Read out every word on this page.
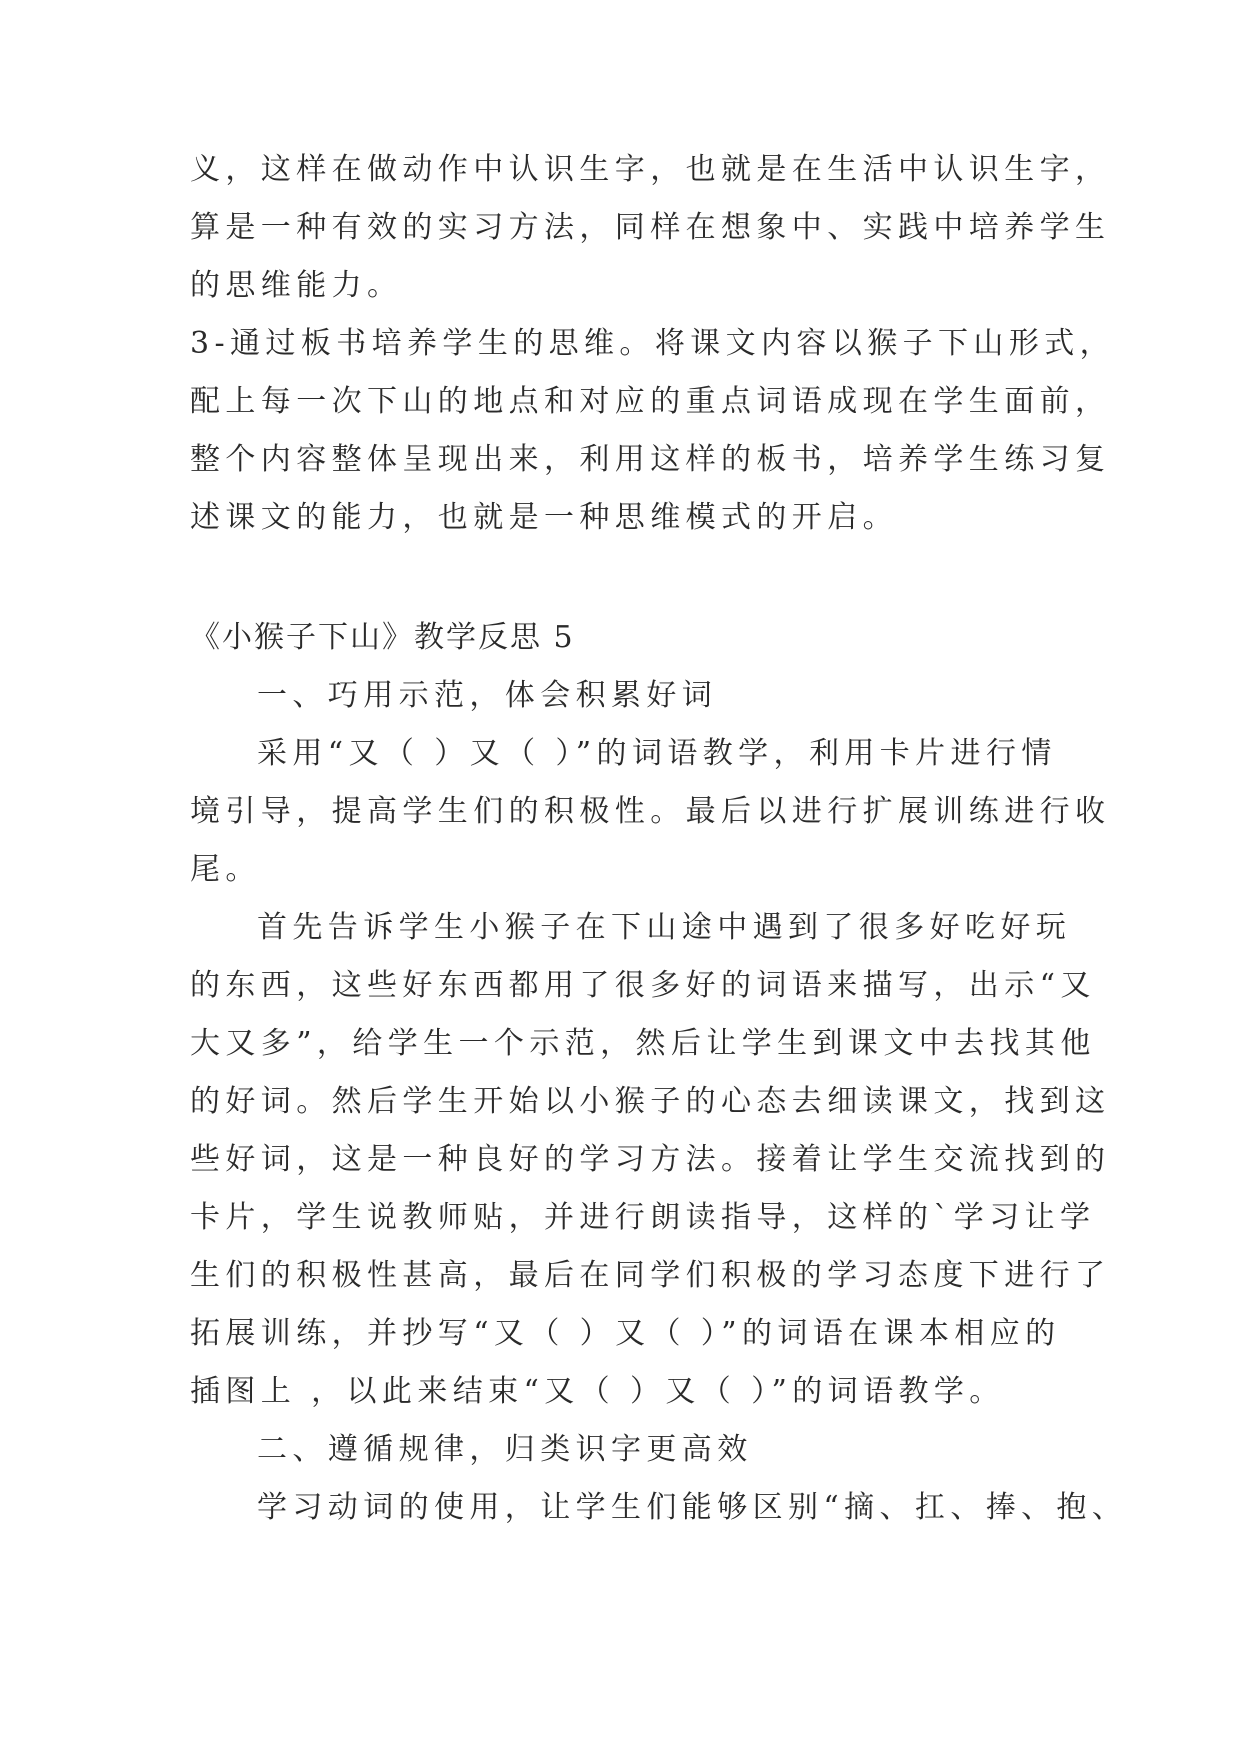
义，这样在做动作中认识生字，也就是在生活中认识生字，

算是一种有效的实习方法，同样在想象中、实践中培养学生

的思维能力。

3-通过板书培养学生的思维。将课文内容以猴子下山形式，

配上每一次下山的地点和对应的重点词语成现在学生面前，

整个内容整体呈现出来，利用这样的板书，培养学生练习复

述课文的能力，也就是一种思维模式的开启。

《小猴子下山》教学反思 5

一、巧用示范，体会积累好词

采用“又（ ）又（ ）”的词语教学，利用卡片进行情

境引导，提高学生们的积极性。最后以进行扩展训练进行收

尾。

首先告诉学生小猴子在下山途中遇到了很多好吃好玩

的东西，这些好东西都用了很多好的词语来描写，出示“又

大又多”，给学生一个示范，然后让学生到课文中去找其他

的好词。然后学生开始以小猴子的心态去细读课文，找到这

些好词，这是一种良好的学习方法。接着让学生交流找到的

卡片，学生说教师贴，并进行朗读指导，这样的`学习让学

生们的积极性甚高，最后在同学们积极的学习态度下进行了

拓展训练，并抄写“又（ ）又（ ）”的词语在课本相应的

插图上 ，以此来结束“又（ ）又（ ）”的词语教学。

二、遵循规律，归类识字更高效

学习动词的使用，让学生们能够区别“摘、扛、捧、抱、
